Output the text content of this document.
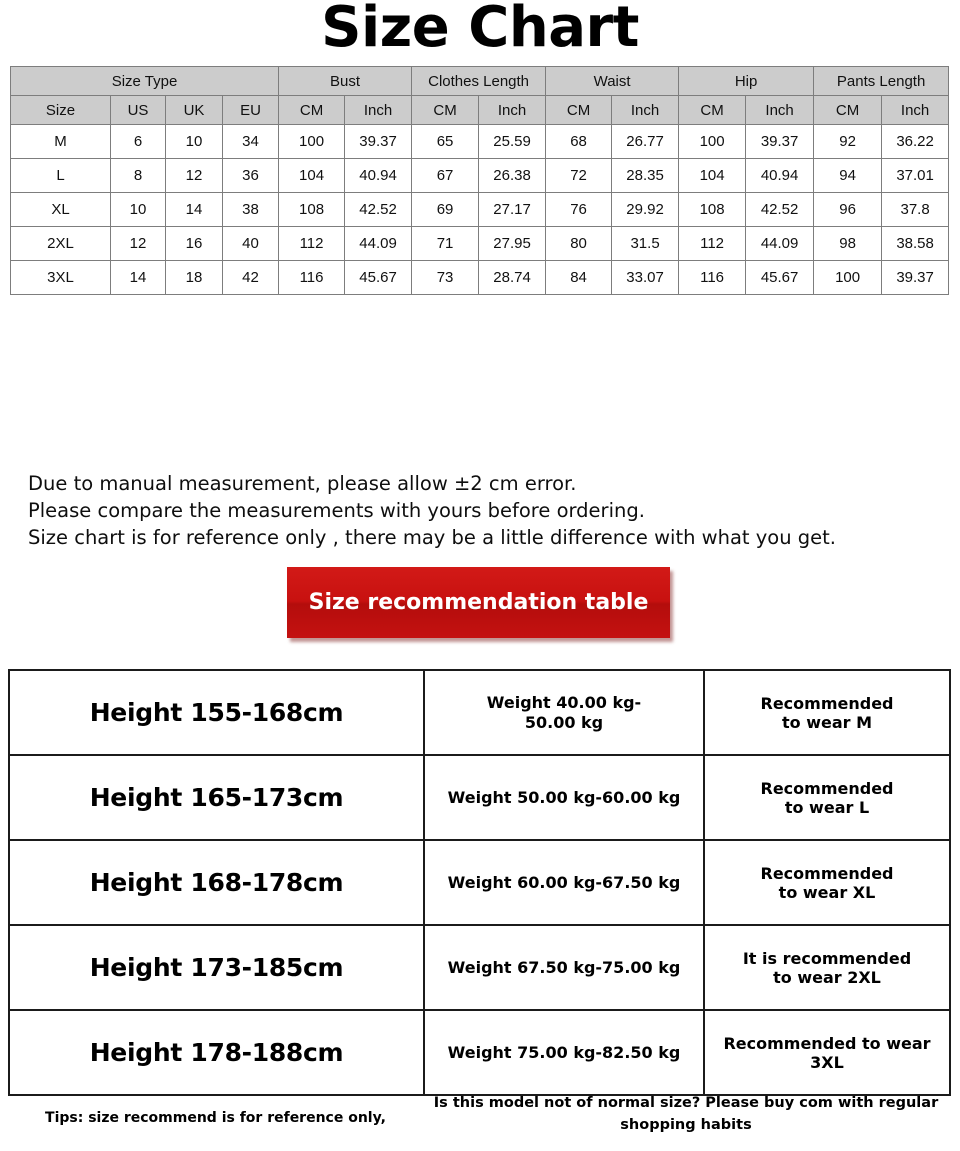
Size Chart
Size Type				Bust		Clothes Length		Waist		Hip		Pants Length	
Size	US	UK	EU	CM	Inch	CM	Inch	CM	Inch	CM	Inch	CM	Inch
M	6	10	34	100	39.37	65	25.59	68	26.77	100	39.37	92	36.22
L	8	12	36	104	40.94	67	26.38	72	28.35	104	40.94	94	37.01
XL	10	14	38	108	42.52	69	27.17	76	29.92	108	42.52	96	37.8
2XL	12	16	40	112	44.09	71	27.95	80	31.5	112	44.09	98	38.58
3XL	14	18	42	116	45.67	73	28.74	84	33.07	116	45.67	100	39.37
Due to manual measurement, please allow ±2 cm error.
Please compare the measurements with yours before ordering.
Size chart is for reference only , there may be a little difference with what you get.
Size recommendation table
Height 155-168cm	Weight 40.00 kg-50.00 kg	Recommended to wear M

Height 165-173cm	Weight 50.00 kg-60.00 kg	Recommended to wear L

Height 168-178cm	Weight 60.00 kg-67.50 kg	Recommended to wear XL

Height 173-185cm	Weight 67.50 kg-75.00 kg	It is recommended to wear 2XL

Height 178-188cm	Weight 75.00 kg-82.50 kg	Recommended to wear 3XL
Tips: size recommend is for reference only,
Is this model not of normal size? Please buy com with regular shopping habits
